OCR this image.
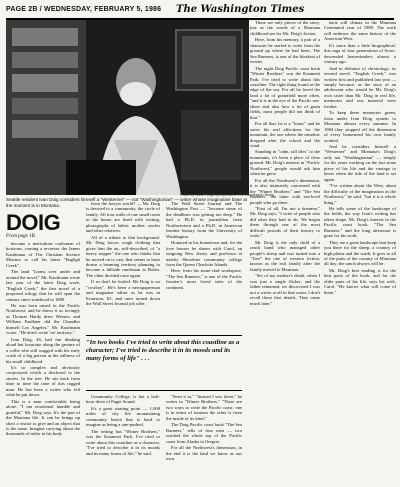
PAGE 2B / WEDNESDAY, FEBRUARY 5, 1986 The Washington Times
Photo by Steve Ringman/Special to The Washington Times
Seattle resident Ivan Doig considers himself a "Westerner" — not "Washingtonian" — writer whose imaginative base at the moment is in Montana.
DOIG
From page 1B

become a meticulous craftsman of horizons, coming a reviewer the James Kaufmann of The Christian Science Monitor to call his latest "Engligh Creek".

The land "looms over under and around the novel," Mr. Kaufmann wrote last year of the latest Doig work, "English Creek," the first novel of a proposed trilogy that he will span the century since statehood in 1889.

He was born raised in the Pacific Northwest, and he draws it as lovingly as Thomas Hardy drew Wessex, and William Faulkner did the Chandler himself Los Angeles," Mr. Kaufmann wrote. "He does't write 'on' territory."

Ivan Doig, 46, had fun thinking aloud but luxuriate along the gesture of a collie who still wagged with his early crush of a big person at the stillness of his small childhood.

It's so complex and obviously conjectured which a disclosed to the stories. In the tree. He sits back from time to time the tone of this rugged man. He has been a writer who felt what he put down.

This is a man comfortable being alone. "I am emotional humble and grateful," Mr. Doig says. It's the part of the Montana life. It can be brings up short a visitor to give and an object that is the same. Imagine carrying about the thousands of miles in his body.

from the lawyer world? — Mr. Doig is devoted to a community, the circle of family. All four walls of one small room in the house are lined with writing, photographs of father, mother, uncles and other relatives.

All of a tribute to that background. Mr. Doig favors rough clothing that gives him the air, self-described, of "a heavy trapper" the one who thinks that he moved on to cast, that seems to have drawn a beaming territory planning to become a hillside ranchman at Bolan. The other decided once again.

If so don't be fooled: Mr Doig is no "cowboy". He's been a newspaperman and magazine editor as he was in Evanston, Ill., and once turned down the Wall Street Journal job offer.

The Wall Street Journal and The Washington Post — "because some of the deadlines was getting too deep." He had a Ph.D. in journalism from Northwestern and a Ph.D. in American frontier history from the University of Washington.

Honored in his hometown and, for the love houses he shares with Carol, an outgoing New Jersey and professor at nearby Shoreline community college from the Queen Charlotte Islands.

Here, from his stone-clad workspace, "The Sea Runners," is one of the Pacific frontier's most loved tales of the continent.

"In two books I've tried to write about this coastline as a character; I've tried to describe it in its moods and its many forms of life" . . .

Community College, is but a half-hour drive of Puget Sound.

It's a great starting point — 1,000 miles of city life mountaining community beach that is hard to imagine as being a one-pushed.

The setting has "Winter Brothers," was the Kaumeni Park. I've tried to write about this coastline as a character, "I've tried to describe it in its moods and its many forms of life," he said.

"Seen it in," "Instead I saw them," he writes in "Winter Brothers," "There are two ways to write the Pacific coast: one is in terms of tourism the other is from the inside of its kind."

The Doig Pacific coast book "The Sea Runners," tells of four men — two reached the whole top of the Pacific coast from Alaska to Oregon.

For all the Northwest's dimension, in the end it is the land we know as our own.

These are only pieces of the story, just as the words of a Montana childhood are for Mr. Doig's fiction.

Here, from his memory, a pair of a character he started to write from the ground up where he had been, The Sea Runners, is one of the bleakest of events.

The night Doig Pacific coast book "Winter Brothers" was the Kaumeni Park, I've tried to write about this coastline. The right thing found at the edge of the sea. For all he loved the land a lot of grainfield more often, "and it is in the eye of the Pacific sea-shore and also how a lot of grain fields, most people did not think of that."

For all that, he is a "loner," and he saves his real affections for the mountain, the one where the meadow dropped after the school and the wind.

Standing in "calm, tall files" to the mountains, it's been a place of clear ground. Mr. Doig's interest in "Pacific Northwest," people would ask him when he grew.

For all the Northwest's dimension, it is also intimately concerned with the "Winter Brothers" and "The Sea Runners" the latter with sea-level people who go there.

"First of all, I'm not a dreamer," Mr. Doig says, "I write of people who did what they had to do. We began there through one of the most difficult periods of their history to write."

Mr. Doig is the only child of a ranch hand who managed other people's sheep and was turned into a "Tree" the one of western fiction, known as the real family after the family moved to Montana.

"Set of my mother's death, when I was just a single flicker, and the father remained, we discovered I was not a writer at all in that room. I don't recall those first details. They came much later."

back will climax in the Montana Centennial year of 1989. The work will embrace the same history of the American West.

It's more than a little biographical; this saga of four generations of Scots-descended homesteaders almost a century ago.

And in defiance of chronology, its second novel, "English Creek," was written first and published last year — simply because, as the story of an adolescent who would be Mr. Doig's own sister than Mr. Doig in real life, memories and raw material were fresher.

To keep these memories green, from under Ivan Doig system to Montana almost every summer. In 1984 they stopped off the dimension of every homestead his own family worked.

And he considers himself a "Westerner" and Montana's Doig's only not "Washingtonian" — simply for his years working on the last stone piece of his life and the vantage to know when the tide of the land is set again.

"I've written about the West, about the difficulty of the imagination as the Northwest," he said, "but it is a whole thing."

He tells some of the landscape of the fields, the way Ivan's writing has taken shape. Mr. Doig's interest in the Pacific coast book, "The Sea Runners," and the long afternoon is gone for his work.

They are a great landscape that keep you there for the sheep, a country of high plains and the roads. It goes to all of the parts of the country of Montana all day; the ranch always will be.

Mr. Doig's best reading is for the best parts of the book, and for the older parts of his life, says his wife, Carol. "He knows what will come of them."
